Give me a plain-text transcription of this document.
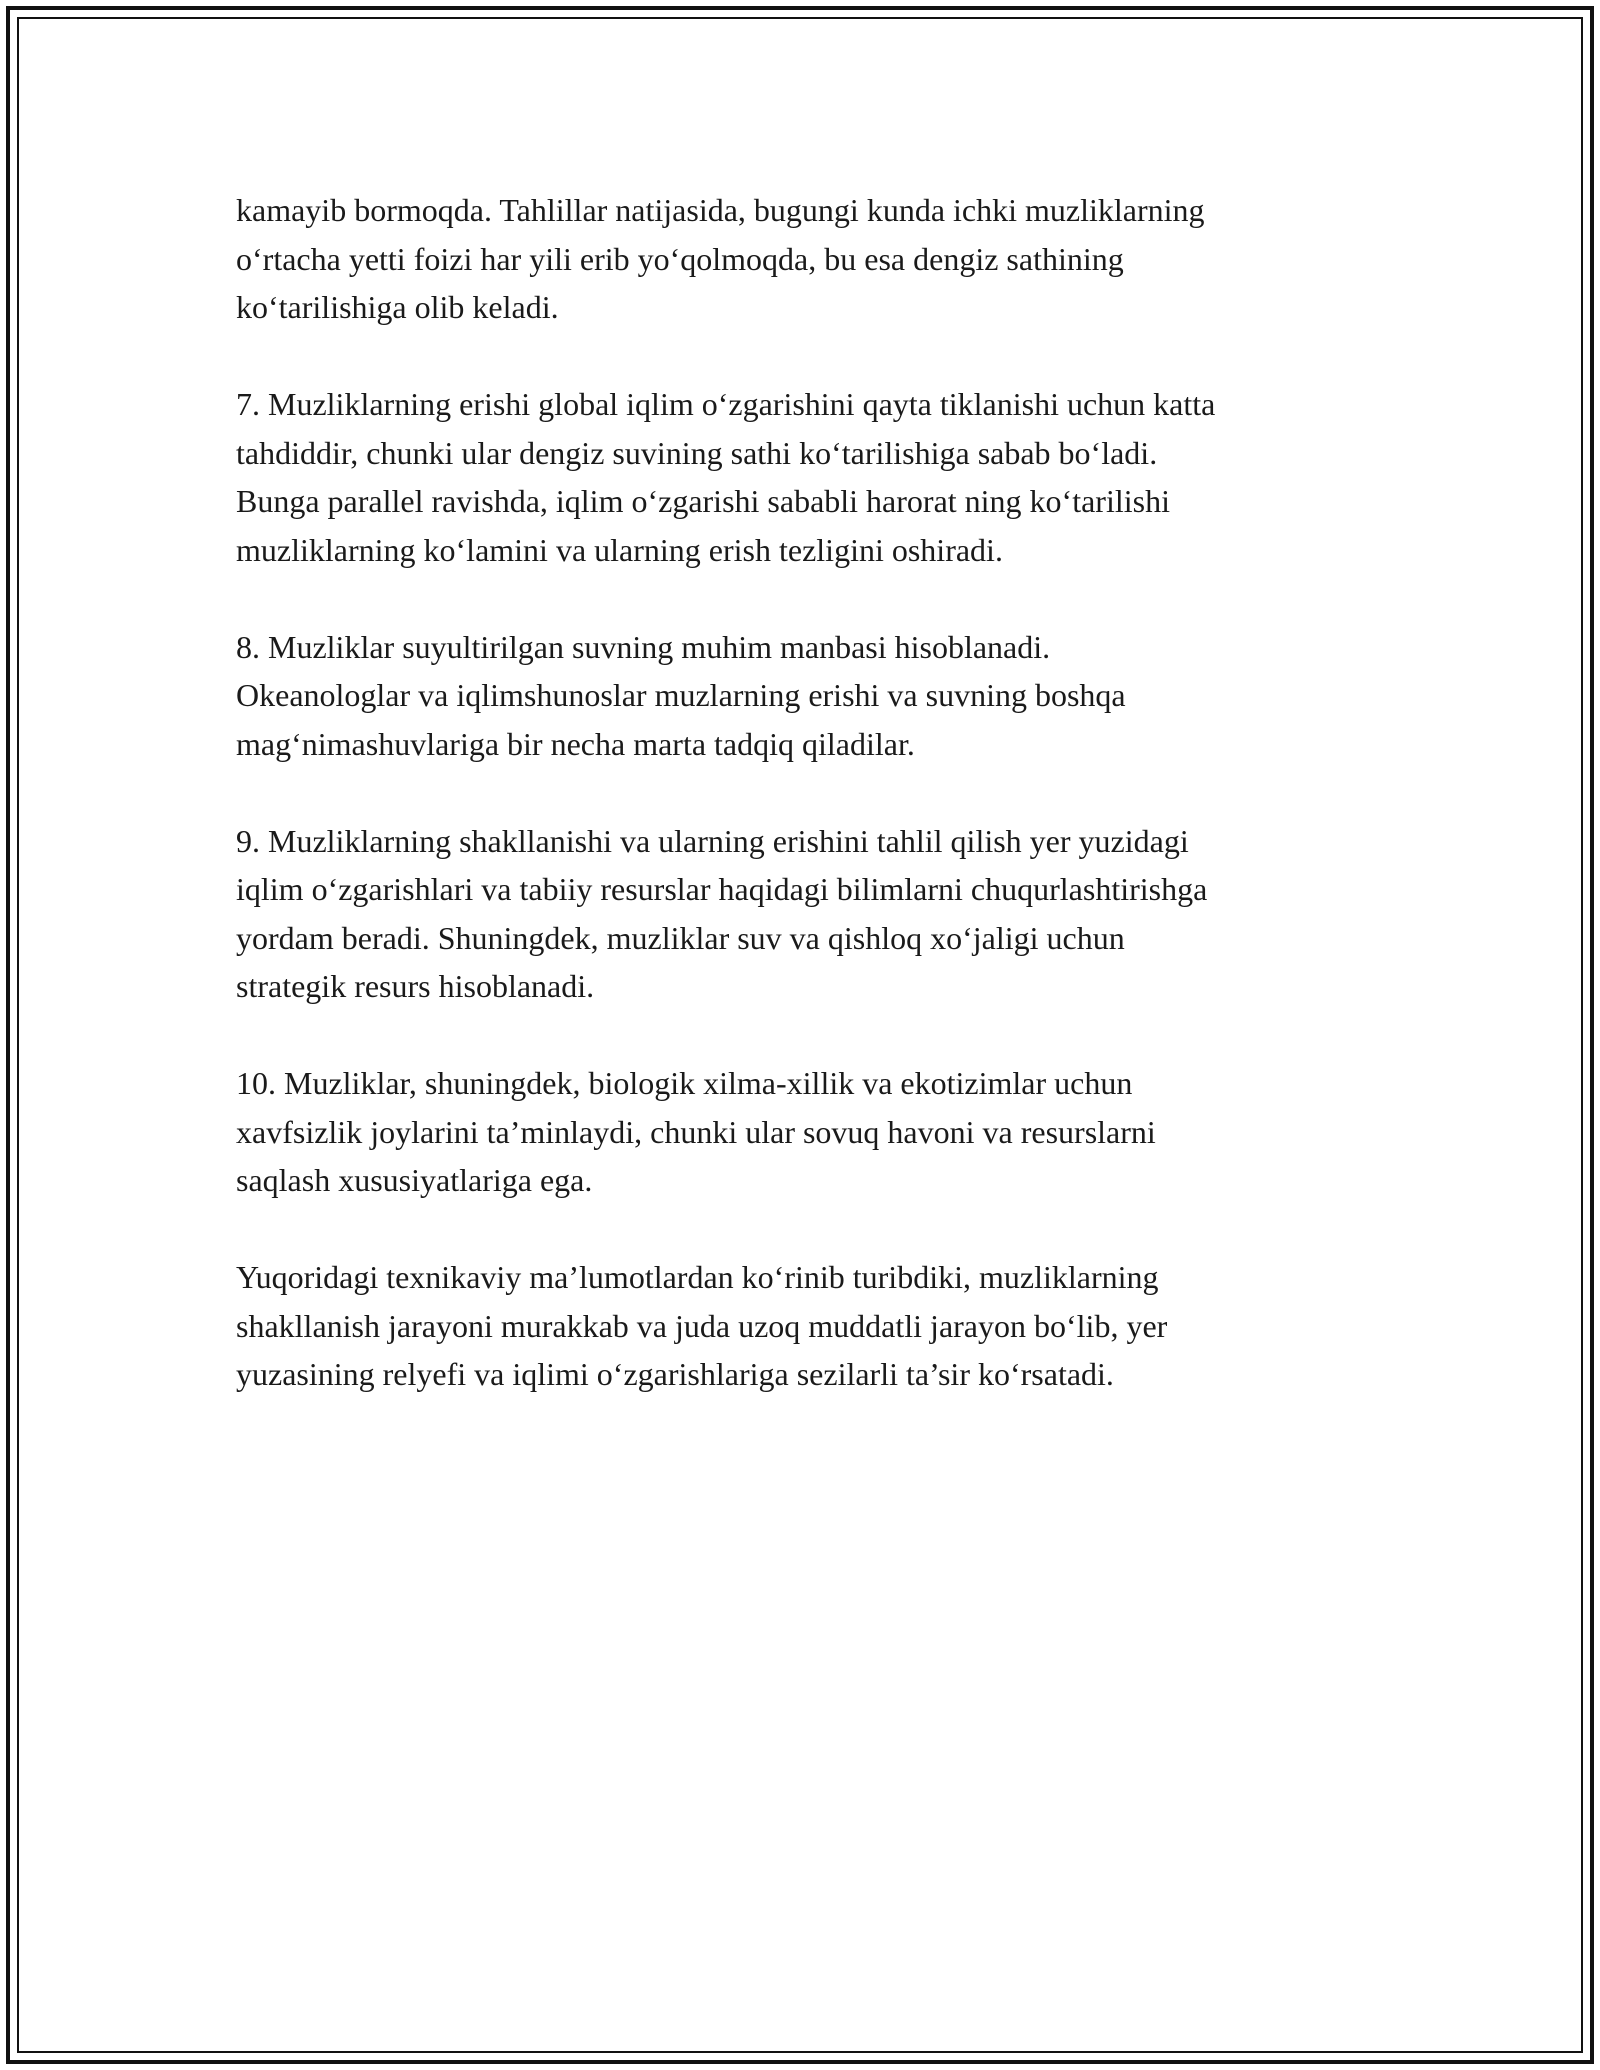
kamayib bormoqda. Tahlillar natijasida, bugungi kunda ichki muzliklarning
o‘rtacha yetti foizi har yili erib yo‘qolmoqda, bu esa dengiz sathining
ko‘tarilishiga olib keladi.

7. Muzliklarning erishi global iqlim o‘zgarishini qayta tiklanishi uchun katta
tahdiddir, chunki ular dengiz suvining sathi ko‘tarilishiga sabab bo‘ladi.
Bunga parallel ravishda, iqlim o‘zgarishi sababli harorat ning ko‘tarilishi
muzliklarning ko‘lamini va ularning erish tezligini oshiradi.

8. Muzliklar suyultirilgan suvning muhim manbasi hisoblanadi.
Okeanologlar va iqlimshunoslar muzlarning erishi va suvning boshqa
mag‘nimashuvlariga bir necha marta tadqiq qiladilar.

9. Muzliklarning shakllanishi va ularning erishini tahlil qilish yer yuzidagi
iqlim o‘zgarishlari va tabiiy resurslar haqidagi bilimlarni chuqurlashtirishga
yordam beradi. Shuningdek, muzliklar suv va qishloq xo‘jaligi uchun
strategik resurs hisoblanadi.

10. Muzliklar, shuningdek, biologik xilma-xillik va ekotizimlar uchun
xavfsizlik joylarini ta’minlaydi, chunki ular sovuq havoni va resurslarni
saqlash xususiyatlariga ega.

Yuqoridagi texnikaviy ma’lumotlardan ko‘rinib turibdiki, muzliklarning
shakllanish jarayoni murakkab va juda uzoq muddatli jarayon bo‘lib, yer
yuzasining relyefi va iqlimi o‘zgarishlariga sezilarli ta’sir ko‘rsatadi.
